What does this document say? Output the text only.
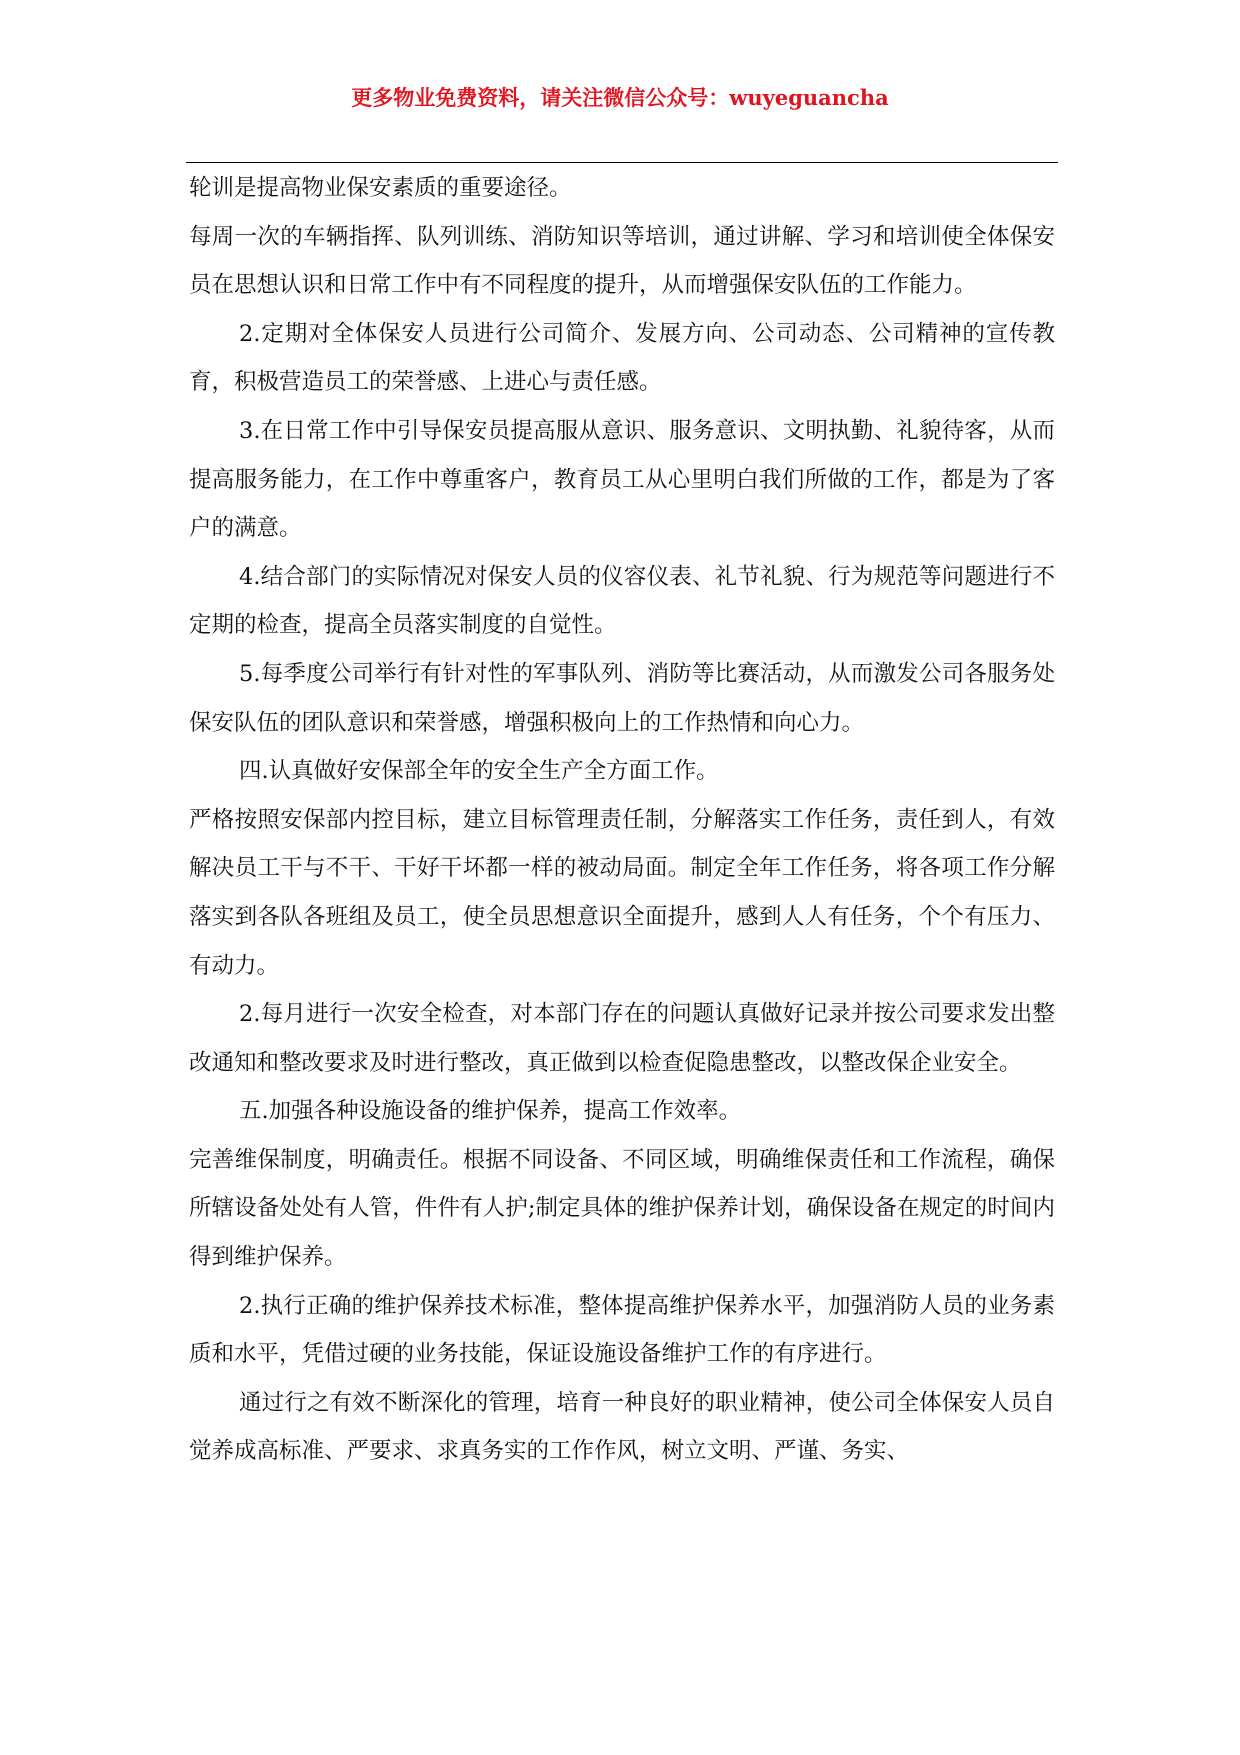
更多物业免费资料，请关注微信公众号：wuyeguancha

轮训是提高物业保安素质的重要途径。

每周一次的车辆指挥、队列训练、消防知识等培训，通过讲解、学习和培训使全体保安员在思想认识和日常工作中有不同程度的提升，从而增强保安队伍的工作能力。

2.定期对全体保安人员进行公司简介、发展方向、公司动态、公司精神的宣传教育，积极营造员工的荣誉感、上进心与责任感。

3.在日常工作中引导保安员提高服从意识、服务意识、文明执勤、礼貌待客，从而提高服务能力，在工作中尊重客户，教育员工从心里明白我们所做的工作，都是为了客户的满意。

4.结合部门的实际情况对保安人员的仪容仪表、礼节礼貌、行为规范等问题进行不定期的检查，提高全员落实制度的自觉性。

5.每季度公司举行有针对性的军事队列、消防等比赛活动，从而激发公司各服务处保安队伍的团队意识和荣誉感，增强积极向上的工作热情和向心力。

四.认真做好安保部全年的安全生产全方面工作。

严格按照安保部内控目标，建立目标管理责任制，分解落实工作任务，责任到人，有效解决员工干与不干、干好干坏都一样的被动局面。制定全年工作任务，将各项工作分解落实到各队各班组及员工，使全员思想意识全面提升，感到人人有任务，个个有压力、有动力。

2.每月进行一次安全检查，对本部门存在的问题认真做好记录并按公司要求发出整改通知和整改要求及时进行整改，真正做到以检查促隐患整改，以整改保企业安全。

五.加强各种设施设备的维护保养，提高工作效率。

完善维保制度，明确责任。根据不同设备、不同区域，明确维保责任和工作流程，确保所辖设备处处有人管，件件有人护;制定具体的维护保养计划，确保设备在规定的时间内得到维护保养。

2.执行正确的维护保养技术标准，整体提高维护保养水平，加强消防人员的业务素质和水平，凭借过硬的业务技能，保证设施设备维护工作的有序进行。

通过行之有效不断深化的管理，培育一种良好的职业精神，使公司全体保安人员自觉养成高标准、严要求、求真务实的工作作风，树立文明、严谨、务实、
